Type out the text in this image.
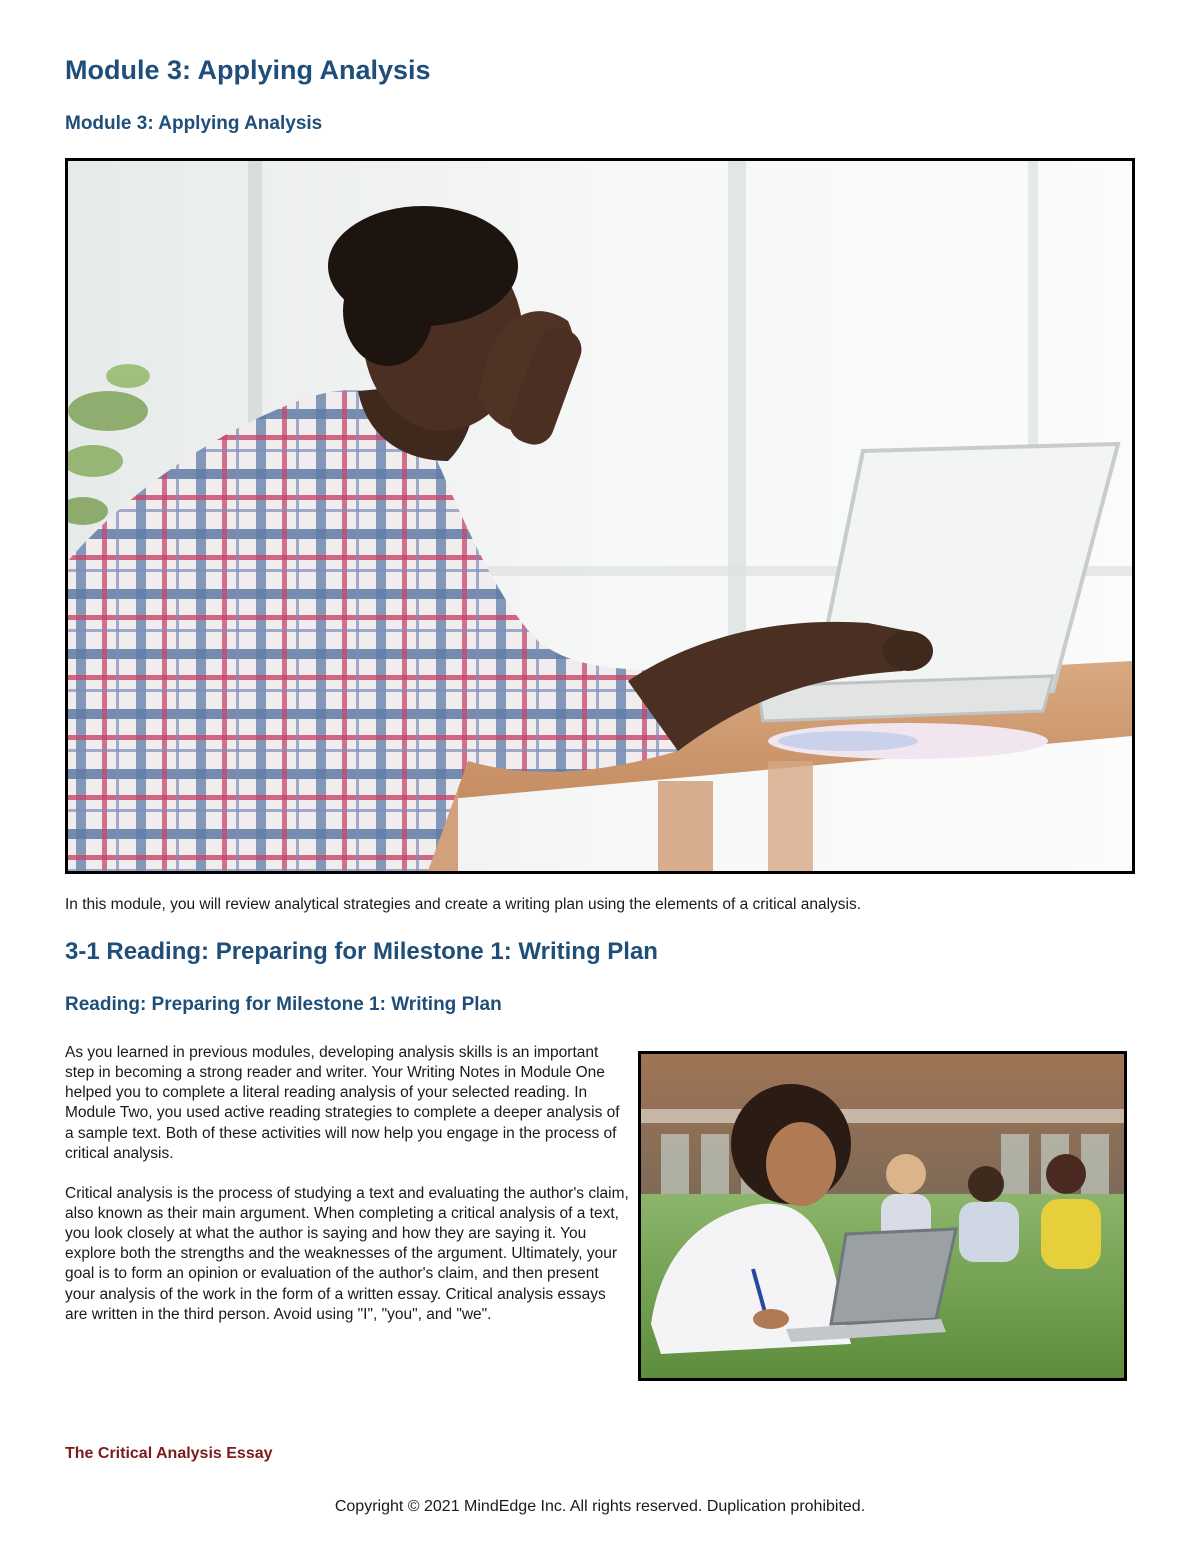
Module 3: Applying Analysis
Module 3: Applying Analysis

In this module, you will review analytical strategies and create a writing plan using the elements of a critical analysis.

3-1 Reading: Preparing for Milestone 1: Writing Plan
Reading: Preparing for Milestone 1: Writing Plan

As you learned in previous modules, developing analysis skills is an important step in becoming a strong reader and writer. Your Writing Notes in Module One helped you to complete a literal reading analysis of your selected reading. In Module Two, you used active reading strategies to complete a deeper analysis of a sample text. Both of these activities will now help you engage in the process of critical analysis.

Critical analysis is the process of studying a text and evaluating the author's claim, also known as their main argument. When completing a critical analysis of a text, you look closely at what the author is saying and how they are saying it. You explore both the strengths and the weaknesses of the argument. Ultimately, your goal is to form an opinion or evaluation of the author's claim, and then present your analysis of the work in the form of a written essay. Critical analysis essays are written in the third person. Avoid using "I", "you", and "we".

The Critical Analysis Essay
Copyright © 2021 MindEdge Inc. All rights reserved. Duplication prohibited.
